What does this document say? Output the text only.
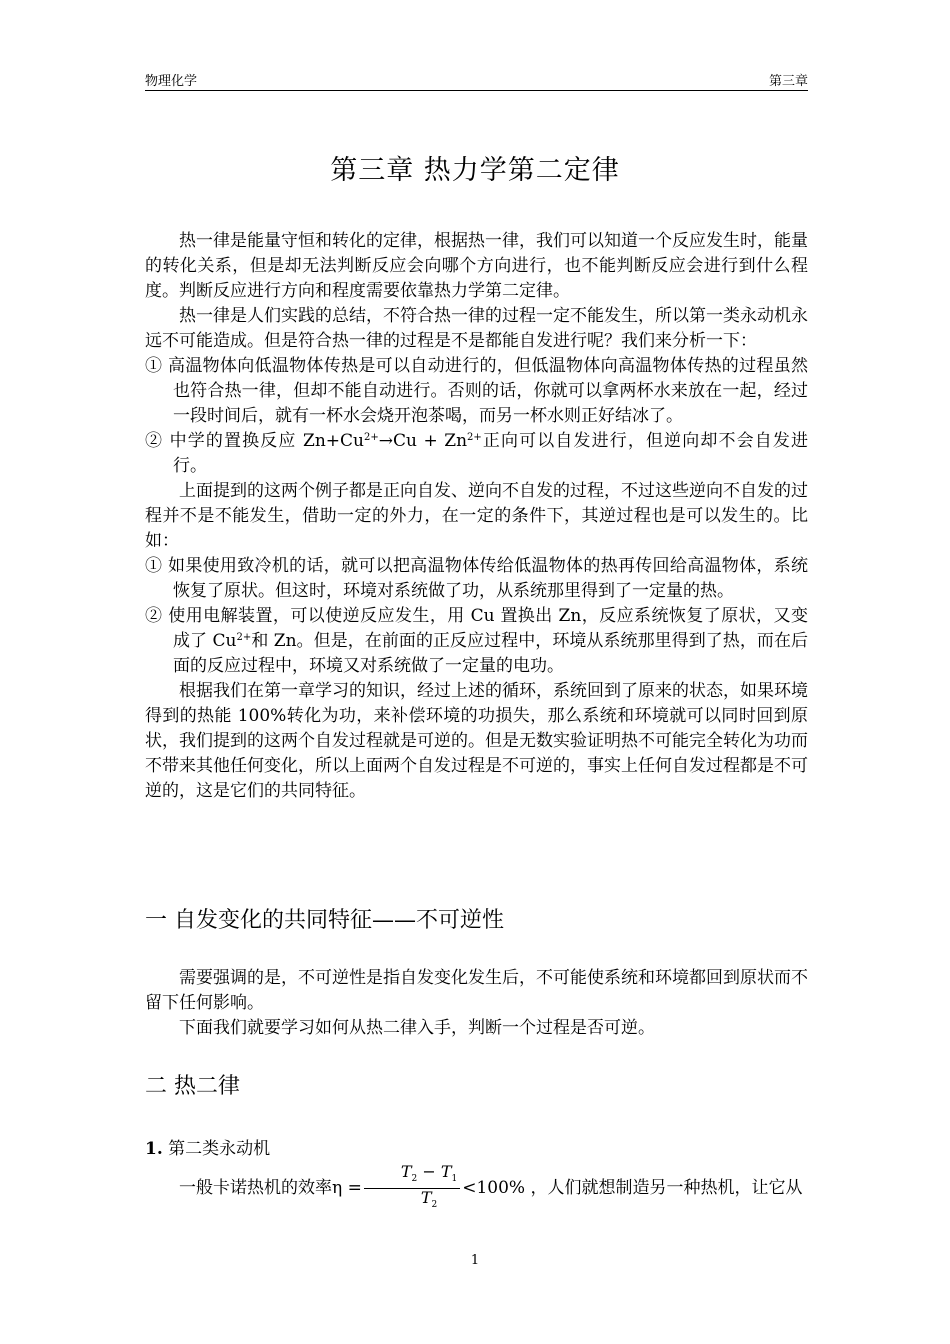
物理化学	第三章
第三章 热力学第二定律

热一律是能量守恒和转化的定律，根据热一律，我们可以知道一个反应发生时，能量的转化关系，但是却无法判断反应会向哪个方向进行，也不能判断反应会进行到什么程度。判断反应进行方向和程度需要依靠热力学第二定律。

热一律是人们实践的总结，不符合热一律的过程一定不能发生，所以第一类永动机永远不可能造成。但是符合热一律的过程是不是都能自发进行呢？我们来分析一下：

① 高温物体向低温物体传热是可以自动进行的，但低温物体向高温物体传热的过程虽然也符合热一律，但却不能自动进行。否则的话，你就可以拿两杯水来放在一起，经过一段时间后，就有一杯水会烧开泡茶喝，而另一杯水则正好结冰了。

② 中学的置换反应 $Zn+Cu^{2+}\to Cu + Zn^{2+}$正向可以自发进行，但逆向却不会自发进行。

上面提到的这两个例子都是正向自发、逆向不自发的过程，不过这些逆向不自发的过程并不是不能发生，借助一定的外力，在一定的条件下，其逆过程也是可以发生的。比如：

① 如果使用致冷机的话，就可以把高温物体传给低温物体的热再传回给高温物体，系统恢复了原状。但这时，环境对系统做了功，从系统那里得到了一定量的热。

② 使用电解装置，可以使逆反应发生，用 Cu 置换出 Zn，反应系统恢复了原状，又变成了 $Cu^{2+}$和 Zn。但是，在前面的正反应过程中，环境从系统那里得到了热，而在后面的反应过程中，环境又对系统做了一定量的电功。

根据我们在第一章学习的知识，经过上述的循环，系统回到了原来的状态，如果环境得到的热能 100%转化为功，来补偿环境的功损失，那么系统和环境就可以同时回到原状，我们提到的这两个自发过程就是可逆的。但是无数实验证明热不可能完全转化为功而不带来其他任何变化，所以上面两个自发过程是不可逆的，事实上任何自发过程都是不可逆的，这是它们的共同特征。

一 自发变化的共同特征——不可逆性

需要强调的是，不可逆性是指自发变化发生后，不可能使系统和环境都回到原状而不留下任何影响。

下面我们就要学习如何从热二律入手，判断一个过程是否可逆。

二 热二律
1. 第二类永动机

一般卡诺热机的效率$\eta = \frac{T_2 - T_1}{T_2} <100\%$ ，人们就想制造另一种热机，让它从

1
